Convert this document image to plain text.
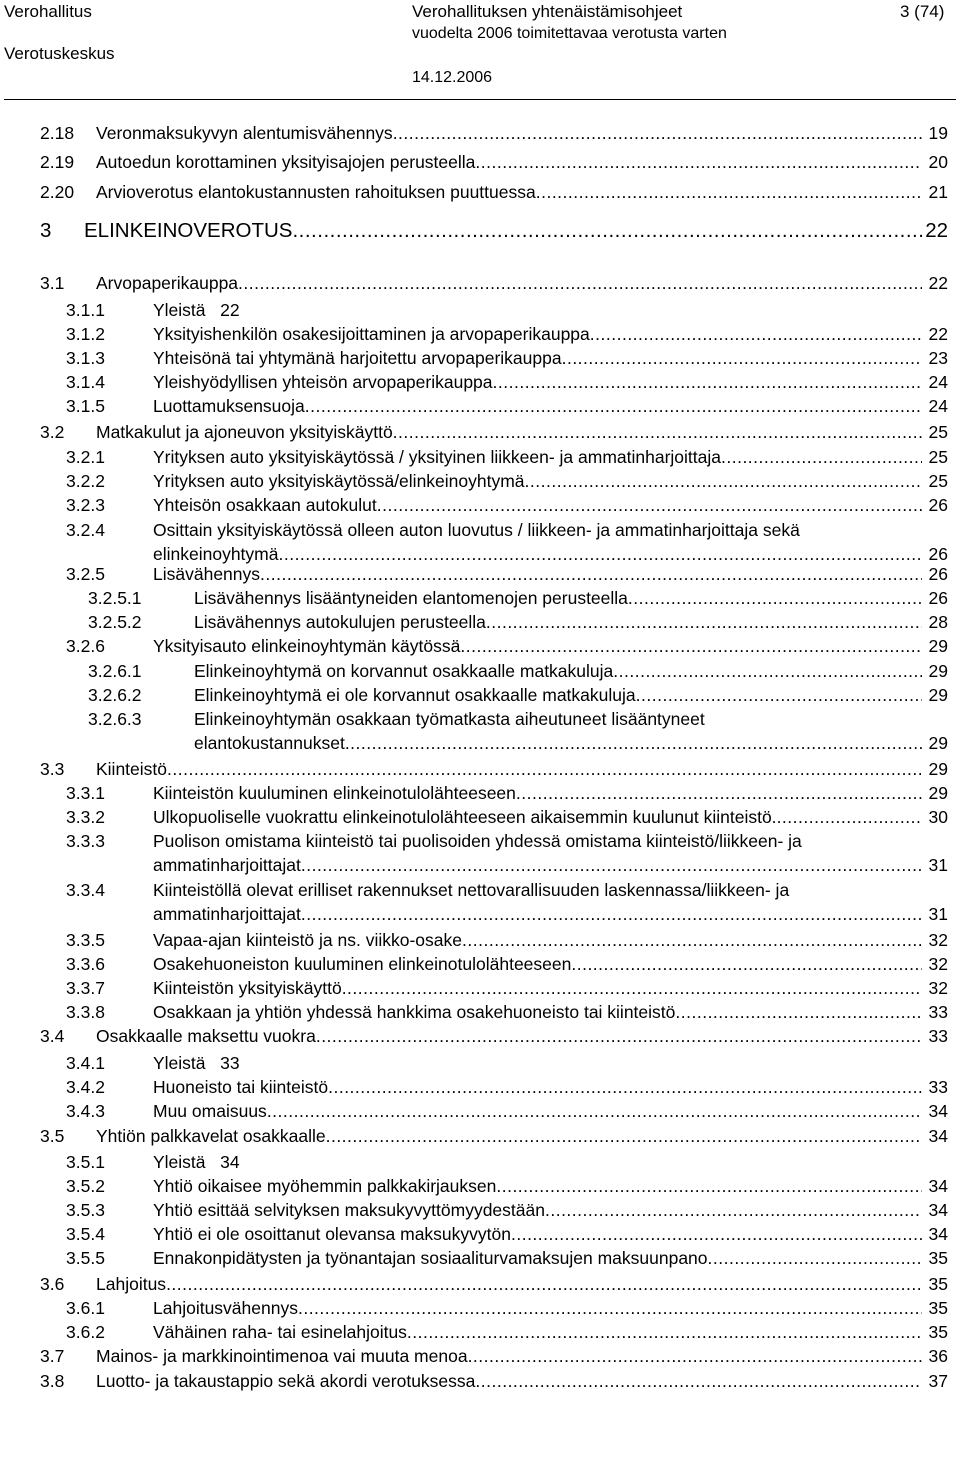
Verohallitus
Verotuskeskus
Verohallituksen yhtenäistämisohjeet
vuodelta 2006 toimitettavaa verotusta varten
14.12.2006
3 (74)
2.18 Veronmaksukyvyn alentumisvähennys .....	19
2.19 Autoedun korottaminen yksityisajojen perusteella .....	20
2.20 Arvioverotus elantokustannusten rahoituksen puuttuessa .....	21
3 ELINKEINOVEROTUS .....	22
3.1 Arvopaperikauppa .....	22
3.1.1	Yleistä   22
3.1.2	Yksityishenkilön osakesijoittaminen ja arvopaperikauppa .....	22
3.1.3	Yhteisönä tai yhtymänä harjoitettu arvopaperikauppa .....	23
3.1.4	Yleishyödyllisen yhteisön arvopaperikauppa .....	24
3.1.5	Luottamuksensuoja .....	24
3.2 Matkakulut ja ajoneuvon yksityiskäyttö .....	25
3.2.1	Yrityksen auto yksityiskäytössä / yksityinen liikkeen- ja ammatinharjoittaja .....	25
3.2.2	Yrityksen auto yksityiskäytössä/elinkeinoyhtymä .....	25
3.2.3	Yhteisön osakkaan autokulut .....	26
3.2.4	Osittain yksityiskäytössä olleen auton luovutus / liikkeen- ja ammatinharjoittaja sekä
elinkeinoyhtymä .....	26
3.2.5	Lisävähennys .....	26
3.2.5.1	Lisävähennys lisääntyneiden elantomenojen perusteella .....	26
3.2.5.2	Lisävähennys autokulujen perusteella .....	28
3.2.6	Yksityisauto elinkeinoyhtymän käytössä .....	29
3.2.6.1	Elinkeinoyhtymä on korvannut osakkaalle matkakuluja .....	29
3.2.6.2	Elinkeinoyhtymä ei ole korvannut osakkaalle matkakuluja .....	29
3.2.6.3	Elinkeinoyhtymän osakkaan työmatkasta aiheutuneet lisääntyneet
elantokustannukset .....	29
3.3 Kiinteistö .....	29
3.3.1	Kiinteistön kuuluminen elinkeinotulolähteeseen .....	29
3.3.2	Ulkopuoliselle vuokrattu elinkeinotulolähteeseen aikaisemmin kuulunut kiinteistö. .....	30
3.3.3	Puolison omistama kiinteistö tai puolisoiden yhdessä omistama kiinteistö/liikkeen- ja
ammatinharjoittajat .....	31
3.3.4	Kiinteistöllä olevat erilliset rakennukset nettovarallisuuden laskennassa/liikkeen- ja
ammatinharjoittajat .....	31
3.3.5	Vapaa-ajan kiinteistö ja ns. viikko-osake .....	32
3.3.6	Osakehuoneiston kuuluminen elinkeinotulolähteeseen .....	32
3.3.7	Kiinteistön yksityiskäyttö .....	32
3.3.8	Osakkaan ja yhtiön yhdessä hankkima osakehuoneisto tai kiinteistö .....	33
3.4 Osakkaalle maksettu vuokra .....	33
3.4.1	Yleistä   33
3.4.2	Huoneisto tai kiinteistö .....	33
3.4.3	Muu omaisuus .....	34
3.5 Yhtiön palkkavelat osakkaalle .....	34
3.5.1	Yleistä   34
3.5.2	Yhtiö oikaisee myöhemmin palkkakirjauksen .....	34
3.5.3	Yhtiö esittää selvityksen maksukyvyttömyydestään .....	34
3.5.4	Yhtiö ei ole osoittanut olevansa maksukyvytön .....	34
3.5.5	Ennakonpidätysten ja työnantajan sosiaaliturvamaksujen maksuunpano .....	35
3.6 Lahjoitus .....	35
3.6.1	Lahjoitusvähennys .....	35
3.6.2	Vähäinen raha- tai esinelahjoitus .....	35
3.7 Mainos- ja markkinointimenoa vai muuta menoa .....	36
3.8 Luotto- ja takaustappio sekä akordi verotuksessa .....	37
